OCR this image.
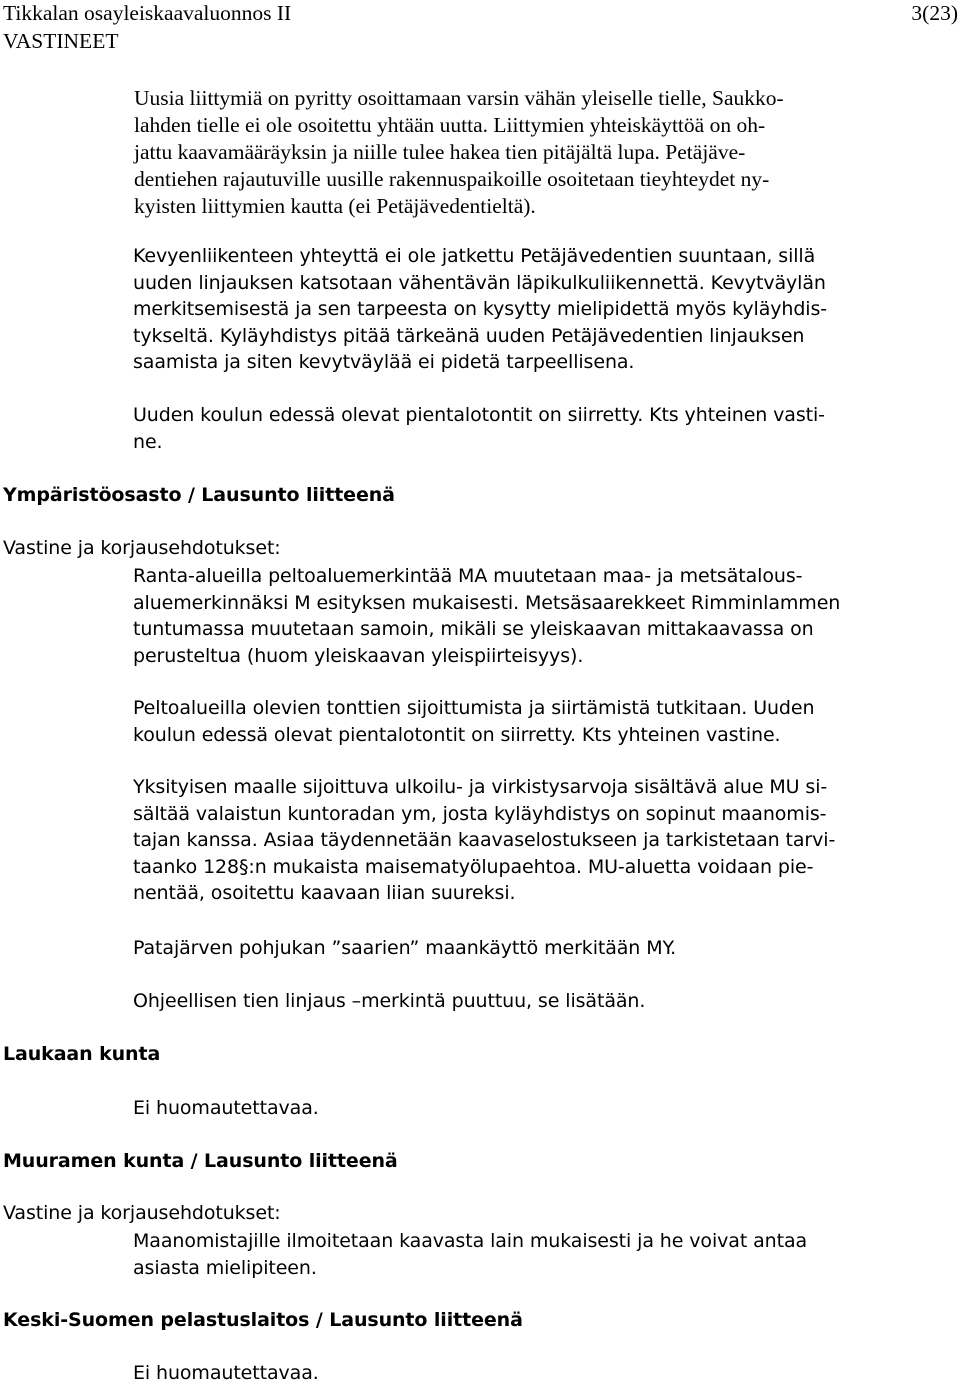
Tikkalan osayleiskaavaluonnos II	3(23)
VASTINEET
Uusia liittymiä on pyritty osoittamaan varsin vähän yleiselle tielle, Saukko-
lahden tielle ei ole osoitettu yhtään uutta. Liittymien yhteiskäyttöä on oh-
jattu kaavamääräyksin ja niille tulee hakea tien pitäjältä lupa. Petäjäve-
dentiehen rajautuville uusille rakennuspaikoille osoitetaan tieyhteydet ny-
kyisten liittymien kautta (ei Petäjävedentieltä).
Kevyenliikenteen yhteyttä ei ole jatkettu Petäjävedentien suuntaan, sillä
uuden linjauksen katsotaan vähentävän läpikulkuliikennettä. Kevytväylän
merkitsemisestä ja sen tarpeesta on kysytty mielipidettä myös kyläyhdis-
tykseltä. Kyläyhdistys pitää tärkeänä uuden Petäjävedentien linjauksen
saamista ja siten kevytväylää ei pidetä tarpeellisena.
Uuden koulun edessä olevat pientalotontit on siirretty. Kts yhteinen vasti-
ne.
Ympäristöosasto / Lausunto liitteenä
Vastine ja korjausehdotukset:
Ranta-alueilla peltoaluemerkintää MA muutetaan maa- ja metsätalous-
aluemerkinnäksi M esityksen mukaisesti. Metsäsaarekkeet Rimminlammen
tuntumassa muutetaan samoin, mikäli se yleiskaavan mittakaavassa on
perusteltua (huom yleiskaavan yleispiirteisyys).
Peltoalueilla olevien tonttien sijoittumista ja siirtämistä tutkitaan. Uuden
koulun edessä olevat pientalotontit on siirretty. Kts yhteinen vastine.
Yksityisen maalle sijoittuva ulkoilu- ja virkistysarvoja sisältävä alue MU si-
sältää valaistun kuntoradan ym, josta kyläyhdistys on sopinut maanomis-
tajan kanssa. Asiaa täydennetään kaavaselostukseen ja tarkistetaan tarvi-
taanko 128§:n mukaista maisematyölupaehtoa. MU-aluetta voidaan pie-
nentää, osoitettu kaavaan liian suureksi.
Patajärven pohjukan ”saarien” maankäyttö merkitään MY.
Ohjeellisen tien linjaus –merkintä puuttuu, se lisätään.
Laukaan kunta
Ei huomautettavaa.
Muuramen kunta / Lausunto liitteenä
Vastine ja korjausehdotukset:
Maanomistajille ilmoitetaan kaavasta lain mukaisesti ja he voivat antaa
asiasta mielipiteen.
Keski-Suomen pelastuslaitos / Lausunto liitteenä
Ei huomautettavaa.
